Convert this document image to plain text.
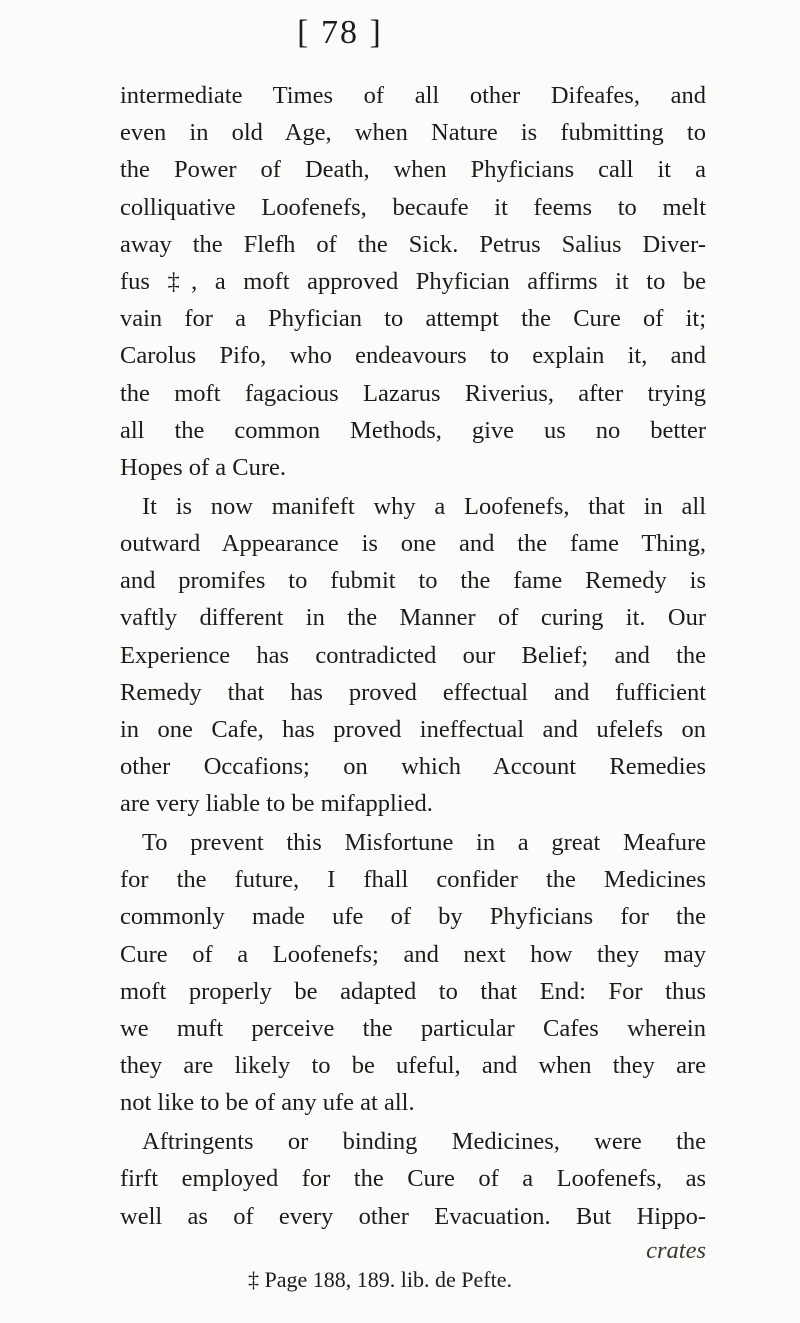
[ 78 ]
intermediate Times of all other Difeafes, and
even in old Age, when Nature is fubmitting to
the Power of Death, when Phyficians call it a
colliquative Loofenefs, becaufe it feems to melt
away the Flefh of the Sick. Petrus Salius Diver-
fus ‡, a moft approved Phyfician affirms it to be
vain for a Phyfician to attempt the Cure of it;
Carolus Pifo, who endeavours to explain it, and
the moft fagacious Lazarus Riverius, after trying
all the common Methods, give us no better
Hopes of a Cure.
It is now manifeft why a Loofenefs, that in all
outward Appearance is one and the fame Thing,
and promifes to fubmit to the fame Remedy is
vaftly different in the Manner of curing it. Our
Experience has contradicted our Belief; and the
Remedy that has proved effectual and fufficient
in one Cafe, has proved ineffectual and ufelefs on
other Occafions; on which Account Remedies
are very liable to be mifapplied.
To prevent this Misfortune in a great Meafure
for the future, I fhall confider the Medicines
commonly made ufe of by Phyficians for the
Cure of a Loofenefs; and next how they may
moft properly be adapted to that End: For thus
we muft perceive the particular Cafes wherein
they are likely to be ufeful, and when they are
not like to be of any ufe at all.
Aftringents or binding Medicines, were the
firft employed for the Cure of a Loofenefs, as
well as of every other Evacuation. But Hippo-
crates
‡ Page 188, 189. lib. de Pefte.
